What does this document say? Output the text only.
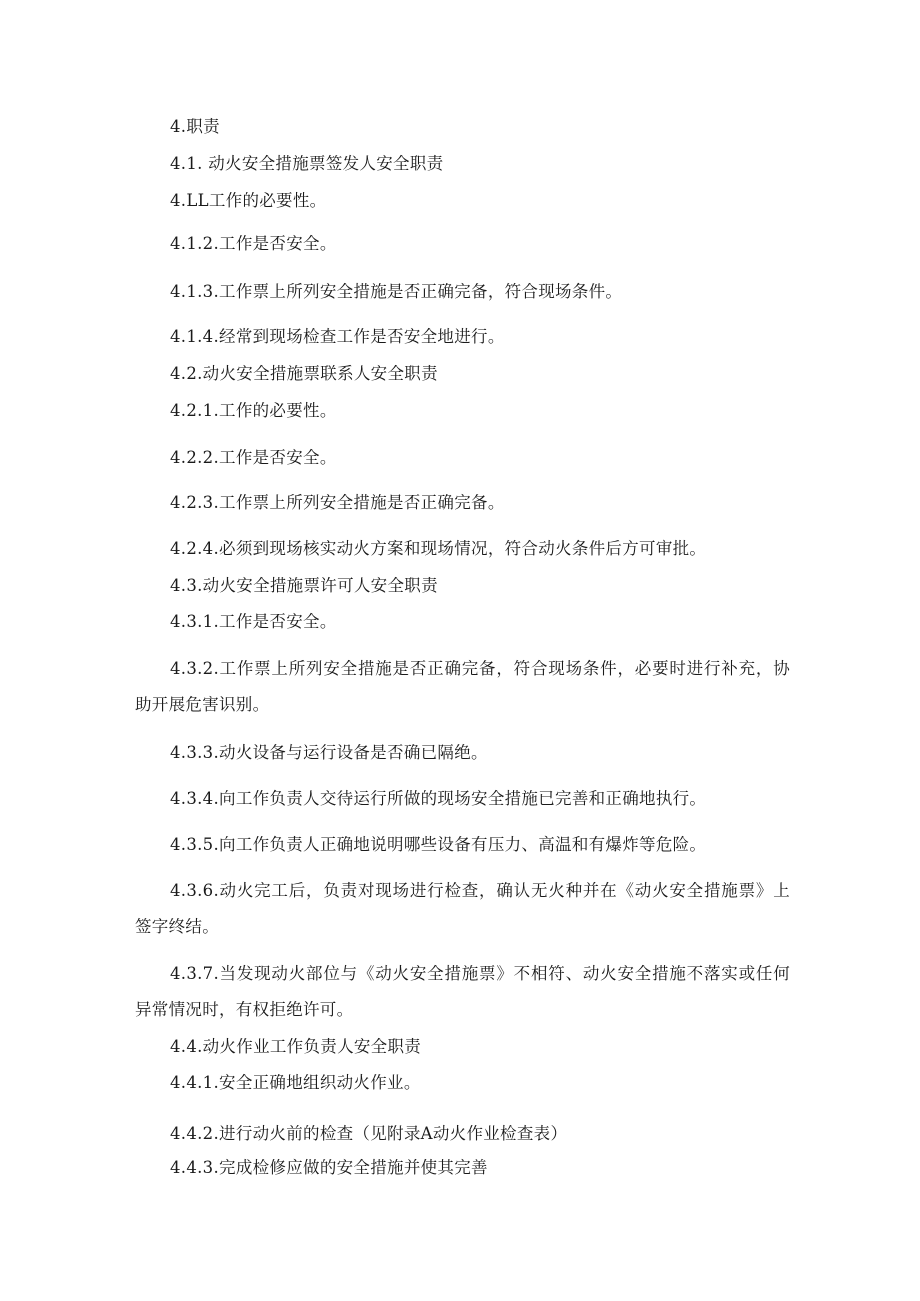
4.职责
4.1. 动火安全措施票签发人安全职责
4.LL工作的必要性。
4.1.2.工作是否安全。
4.1.3.工作票上所列安全措施是否正确完备，符合现场条件。
4.1.4.经常到现场检查工作是否安全地进行。
4.2.动火安全措施票联系人安全职责
4.2.1.工作的必要性。
4.2.2.工作是否安全。
4.2.3.工作票上所列安全措施是否正确完备。
4.2.4.必须到现场核实动火方案和现场情况，符合动火条件后方可审批。
4.3.动火安全措施票许可人安全职责
4.3.1.工作是否安全。
4.3.2.工作票上所列安全措施是否正确完备，符合现场条件，必要时进行补充，协助开展危害识别。
4.3.3.动火设备与运行设备是否确已隔绝。
4.3.4.向工作负责人交待运行所做的现场安全措施已完善和正确地执行。
4.3.5.向工作负责人正确地说明哪些设备有压力、高温和有爆炸等危险。
4.3.6.动火完工后，负责对现场进行检查，确认无火种并在《动火安全措施票》上签字终结。
4.3.7.当发现动火部位与《动火安全措施票》不相符、动火安全措施不落实或任何异常情况时，有权拒绝许可。
4.4.动火作业工作负责人安全职责
4.4.1.安全正确地组织动火作业。
4.4.2.进行动火前的检查（见附录A动火作业检查表）
4.4.3.完成检修应做的安全措施并使其完善
